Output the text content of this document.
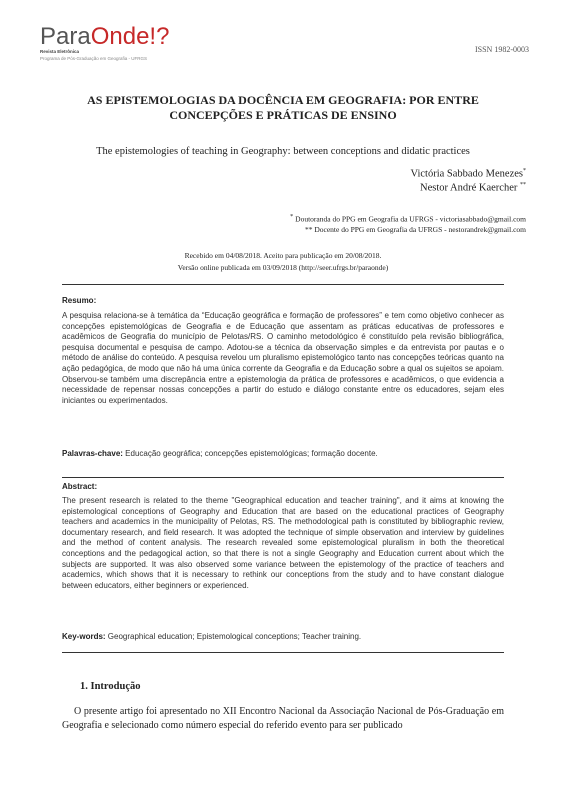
ParaOnde!?
Revista Eletrônica
Programa de Pós-Graduação em Geografia - UFRGS
ISSN 1982-0003
AS EPISTEMOLOGIAS DA DOCÊNCIA EM GEOGRAFIA: POR ENTRE
CONCEPÇÕES E PRÁTICAS DE ENSINO
The epistemologies of teaching in Geography: between conceptions and didatic practices
Victória Sabbado Menezes*
Nestor André Kaercher **
* Doutoranda do PPG em Geografia da UFRGS - victoriasabbado@gmail.com
** Docente do PPG em Geografia da UFRGS - nestorandrek@gmail.com
Recebido em 04/08/2018. Aceito para publicação em 20/08/2018.
Versão online publicada em 03/09/2018 (http://seer.ufrgs.br/paraonde)
Resumo:
A pesquisa relaciona-se à temática da “Educação geográfica e formação de professores” e tem como objetivo conhecer as concepções epistemológicas de Geografia e de Educação que assentam as práticas educativas de professores e acadêmicos de Geografia do município de Pelotas/RS. O caminho metodológico é constituído pela revisão bibliográfica, pesquisa documental e pesquisa de campo. Adotou-se a técnica da observação simples e da entrevista por pautas e o método de análise do conteúdo. A pesquisa revelou um pluralismo epistemológico tanto nas concepções teóricas quanto na ação pedagógica, de modo que não há uma única corrente da Geografia e da Educação sobre a qual os sujeitos se apoiam. Observou-se também uma discrepância entre a epistemologia da prática de professores e acadêmicos, o que evidencia a necessidade de repensar nossas concepções a partir do estudo e diálogo constante entre os educadores, sejam eles iniciantes ou experimentados.
Palavras-chave: Educação geográfica; concepções epistemológicas; formação docente.
Abstract:
The present research is related to the theme "Geographical education and teacher training", and it aims at knowing the epistemological conceptions of Geography and Education that are based on the educational practices of Geography teachers and academics in the municipality of Pelotas, RS. The methodological path is constituted by bibliographic review, documentary research, and field research. It was adopted the technique of simple observation and interview by guidelines and the method of content analysis. The research revealed some epistemological pluralism in both the theoretical conceptions and the pedagogical action, so that there is not a single Geography and Education current about which the subjects are supported. It was also observed some variance between the epistemology of the practice of teachers and academics, which shows that it is necessary to rethink our conceptions from the study and to have constant dialogue between educators, either beginners or experienced.
Key-words: Geographical education; Epistemological conceptions; Teacher training.
1. Introdução
O presente artigo foi apresentado no XII Encontro Nacional da Associação Nacional de Pós-Graduação em Geografia e selecionado como número especial do referido evento para ser publicado
